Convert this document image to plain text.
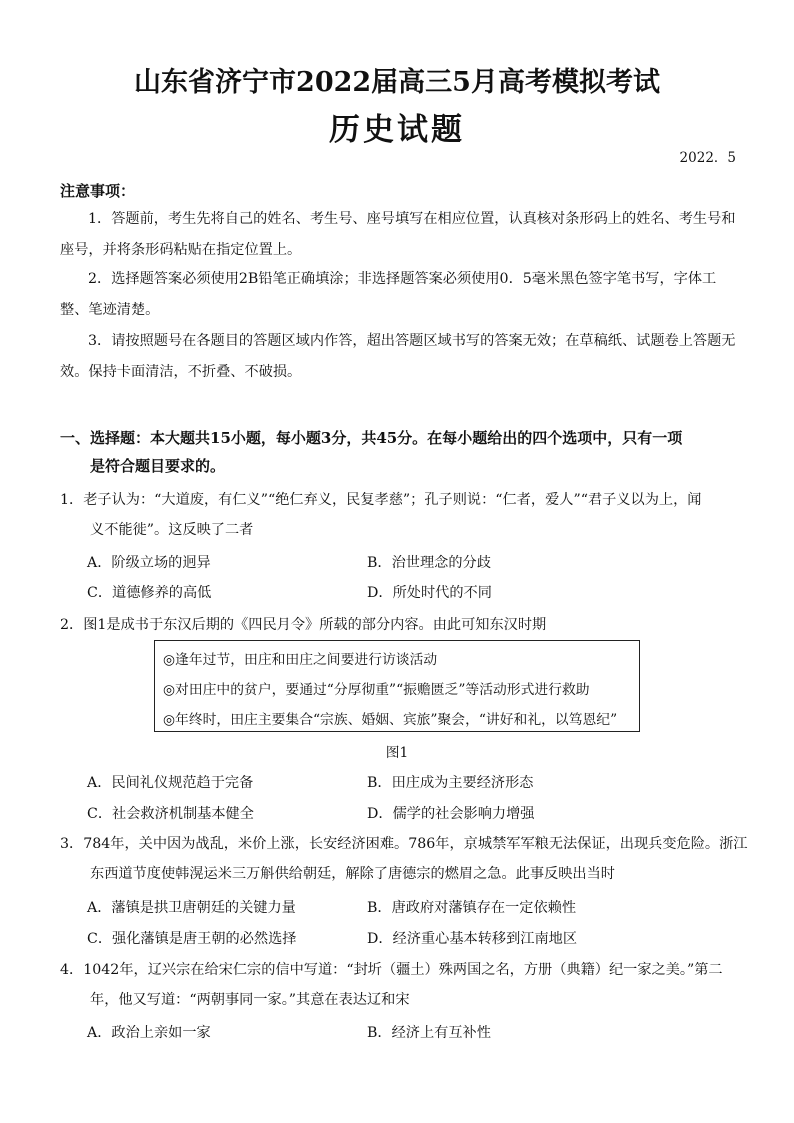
山东省济宁市2022届高三5月高考模拟考试
历史试题
2022．5
注意事项：

1．答题前，考生先将自己的姓名、考生号、座号填写在相应位置，认真核对条形码上的姓名、考生号和座号，并将条形码粘贴在指定位置上。

2．选择题答案必须使用2B铅笔正确填涂；非选择题答案必须使用0．5毫米黑色签字笔书写，字体工整、笔迹清楚。

3．请按照题号在各题目的答题区域内作答，超出答题区域书写的答案无效；在草稿纸、试题卷上答题无效。保持卡面清洁，不折叠、不破损。

一、选择题：本大题共15小题，每小题3分，共45分。在每小题给出的四个选项中，只有一项
是符合题目要求的。
1．老子认为：“大道废，有仁义”“绝仁弃义，民复孝慈”；孔子则说：“仁者，爱人”“君子义以为上，闻
义不能徙”。这反映了二者
A．阶级立场的迥异	B．治世理念的分歧
C．道德修养的高低	D．所处时代的不同
2．图1是成书于东汉后期的《四民月令》所载的部分内容。由此可知东汉时期
◎逢年过节，田庄和田庄之间要进行访谈活动
◎对田庄中的贫户，要通过“分厚彻重”“振赡匮乏”等活动形式进行救助
◎年终时，田庄主要集合“宗族、婚姻、宾旅”聚会，“讲好和礼，以笃恩纪”
图1
A．民间礼仪规范趋于完备	B．田庄成为主要经济形态
C．社会救济机制基本健全	D．儒学的社会影响力增强
3．784年，关中因为战乱，米价上涨，长安经济困难。786年，京城禁军军粮无法保证，出现兵变危险。浙江
东西道节度使韩滉运米三万斛供给朝廷，解除了唐德宗的燃眉之急。此事反映出当时
A．藩镇是拱卫唐朝廷的关键力量	B．唐政府对藩镇存在一定依赖性
C．强化藩镇是唐王朝的必然选择	D．经济重心基本转移到江南地区
4．1042年，辽兴宗在给宋仁宗的信中写道：“封圻（疆土）殊两国之名，方册（典籍）纪一家之美。”第二
年，他又写道：“两朝事同一家。”其意在表达辽和宋
A．政治上亲如一家	B．经济上有互补性
